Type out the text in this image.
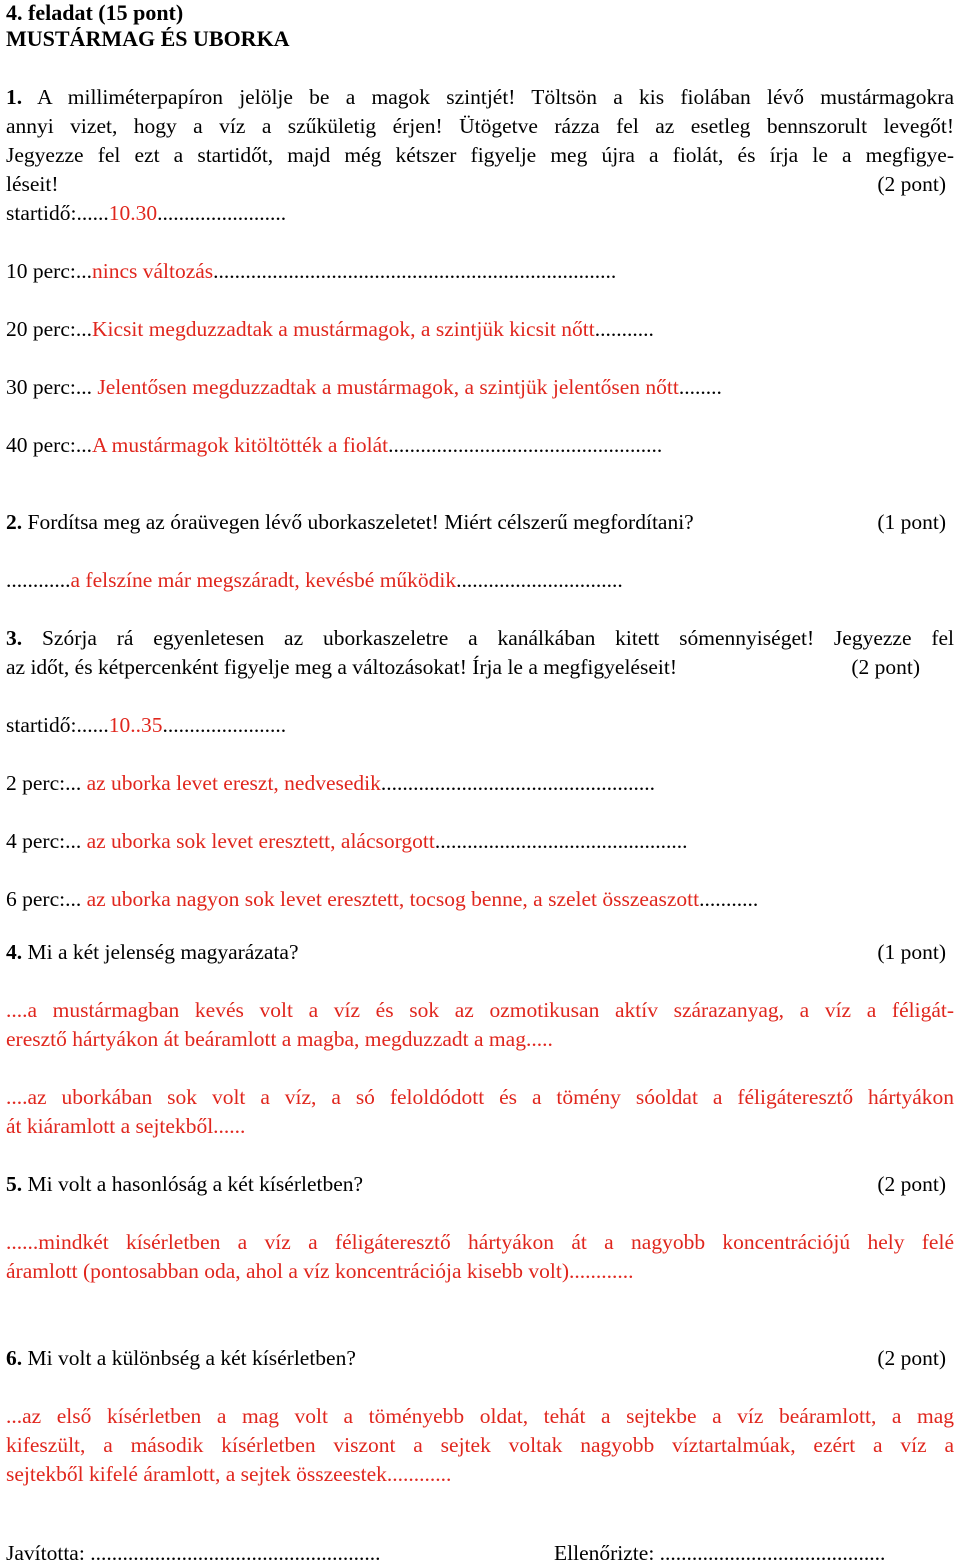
4. feladat (15 pont)
MUSTÁRMAG ÉS UBORKA
1. A milliméterpapíron jelölje be a magok szintjét! Töltsön a kis fiolában lévő mustármagokra
annyi vizet, hogy a víz a szűkületig érjen! Ütögetve rázza fel az esetleg bennszorult levegőt!
Jegyezze fel ezt a startidőt, majd még kétszer figyelje meg újra a fiolát, és írja le a megfigye-
léseit!	(2 pont)
startidő:......10.30........................
10 perc:...nincs változás...........................................................................
20 perc:...Kicsit megduzzadtak a mustármagok, a szintjük kicsit nőtt...........
30 perc:... Jelentősen megduzzadtak a mustármagok, a szintjük jelentősen nőtt........
40 perc:...A mustármagok kitöltötték a fiolát...................................................
2. Fordítsa meg az óraüvegen lévő uborkaszeletet! Miért célszerű megfordítani?	(1 pont)
............a felszíne már megszáradt, kevésbé működik...............................
3. Szórja rá egyenletesen az uborkaszeletre a kanálkában kitett sómennyiséget! Jegyezze fel
az időt, és kétpercenként figyelje meg a változásokat! Írja le a megfigyeléseit!	(2 pont)
startidő:......10..35.......................
2 perc:... az uborka levet ereszt, nedvesedik...................................................
4 perc:... az uborka sok levet eresztett, alácsorgott...............................................
6 perc:... az uborka nagyon sok levet eresztett, tocsog benne, a szelet összeaszott...........
4. Mi a két jelenség magyarázata?	(1 pont)
....a mustármagban kevés volt a víz és sok az ozmotikusan aktív szárazanyag, a víz a féligát-
eresztő hártyákon át beáramlott a magba, megduzzadt a mag.....
....az uborkában sok volt a víz, a só feloldódott és a tömény sóoldat a féligáteresztő hártyákon
át kiáramlott a sejtekből......
5. Mi volt a hasonlóság a két kísérletben?	(2 pont)
......mindkét kísérletben a víz a féligáteresztő hártyákon át a nagyobb koncentrációjú hely felé
áramlott (pontosabban oda, ahol a víz koncentrációja kisebb volt)............
6. Mi volt a különbség a két kísérletben?	(2 pont)
...az első kísérletben a mag volt a töményebb oldat, tehát a sejtekbe a víz beáramlott, a mag
kifeszült, a második kísérletben viszont a sejtek voltak nagyobb víztartalmúak, ezért a víz a
sejtekből kifelé áramlott, a sejtek összeestek............
Javította: ......................................................	Ellenőrizte: ..........................................
